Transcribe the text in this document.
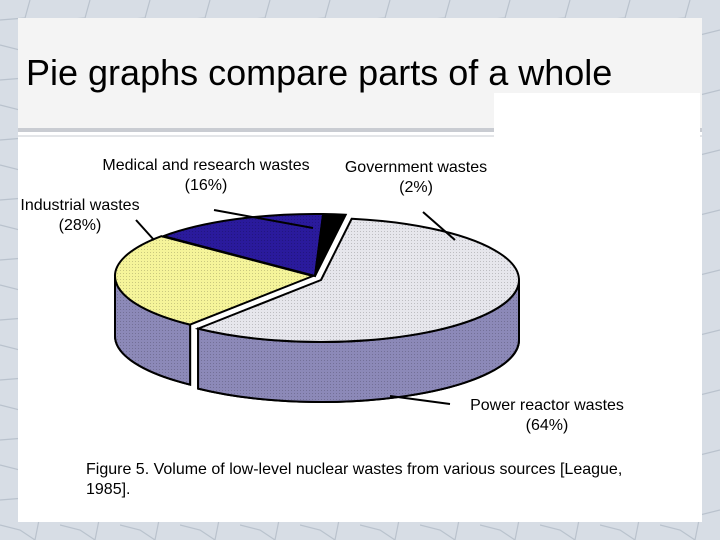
Pie graphs compare parts of a whole
Medical and research wastes
(16%)
Government wastes
(2%)
Industrial wastes
(28%)
Power reactor wastes
(64%)
Figure 5. Volume of low-level nuclear wastes from various sources [League, 1985].
